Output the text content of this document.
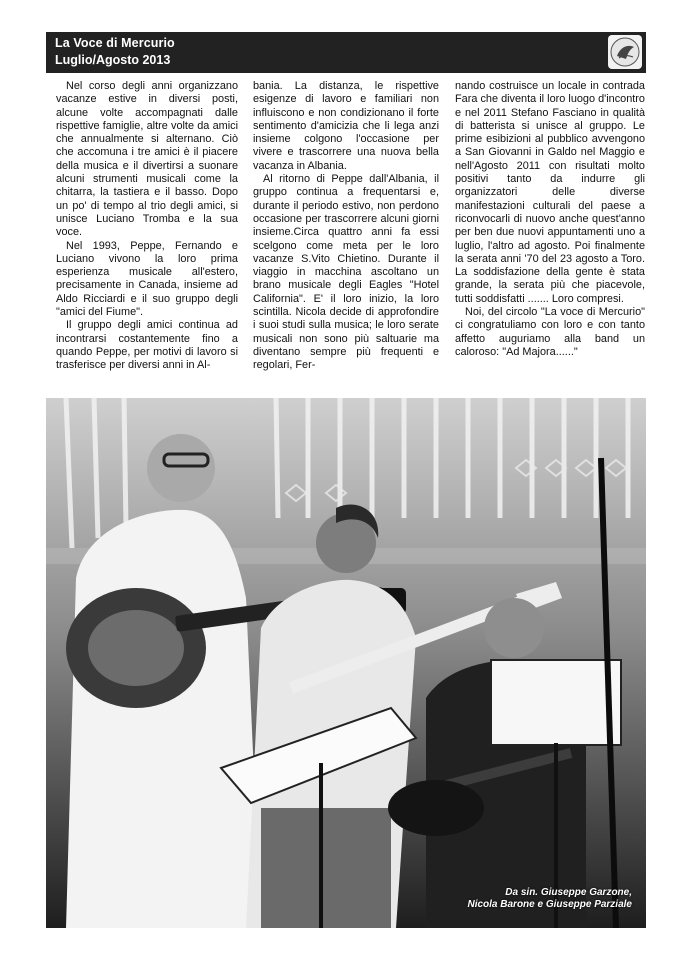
La Voce di Mercurio
Luglio/Agosto 2013

Nel corso degli anni organizzano vacanze estive in diversi posti, alcune volte accompagnati dalle rispettive famiglie, altre volte da amici che annualmente si alternano. Ciò che accomuna i tre amici è il piacere della musica e il divertirsi a suonare alcuni strumenti musicali come la chitarra, la tastiera e il basso. Dopo un po' di tempo al trio degli amici, si unisce Luciano Tromba e la sua voce.

Nel 1993, Peppe, Fernando e Luciano vivono la loro prima esperienza musicale all'estero, precisamente in Canada, insieme ad Aldo Ricciardi e il suo gruppo degli "amici del Fiume".

Il gruppo degli amici continua ad incontrarsi costantemente fino a quando Peppe, per motivi di lavoro si trasferisce per diversi anni in Al-

bania. La distanza, le rispettive esigenze di lavoro e familiari non influiscono e non condizionano il forte sentimento d'amicizia che li lega anzi insieme colgono l'occasione per vivere e trascorrere una nuova bella vacanza in Albania.

Al ritorno di Peppe dall'Albania, il gruppo continua a frequentarsi e, durante il periodo estivo, non perdono occasione per trascorrere alcuni giorni insieme.Circa quattro anni fa essi scelgono come meta per le loro vacanze S.Vito Chietino. Durante il viaggio in macchina ascoltano un brano musicale degli Eagles "Hotel California". E' il loro inizio, la loro scintilla. Nicola decide di approfondire i suoi studi sulla musica; le loro serate musicali non sono più saltuarie ma diventano sempre più frequenti e regolari, Fer-

nando costruisce un locale in contrada Fara che diventa il loro luogo d'incontro e nel 2011 Stefano Fasciano in qualità di batterista si unisce al gruppo. Le prime esibizioni al pubblico avvengono a San Giovanni in Galdo nel Maggio e nell'Agosto 2011 con risultati molto positivi tanto da indurre gli organizzatori delle diverse manifestazioni culturali del paese a riconvocarli di nuovo anche quest'anno per ben due nuovi appuntamenti uno a luglio, l'altro ad agosto. Poi finalmente la serata anni '70 del 23 agosto a Toro. La soddisfazione della gente è stata grande, la serata più che piacevole, tutti soddisfatti ....... Loro compresi.

Noi, del circolo "La voce di Mercurio" ci congratuliamo con loro e con tanto affetto auguriamo alla band un caloroso: "Ad Majora......"

Da sin. Giuseppe Garzone,
Nicola Barone e Giuseppe Parziale
